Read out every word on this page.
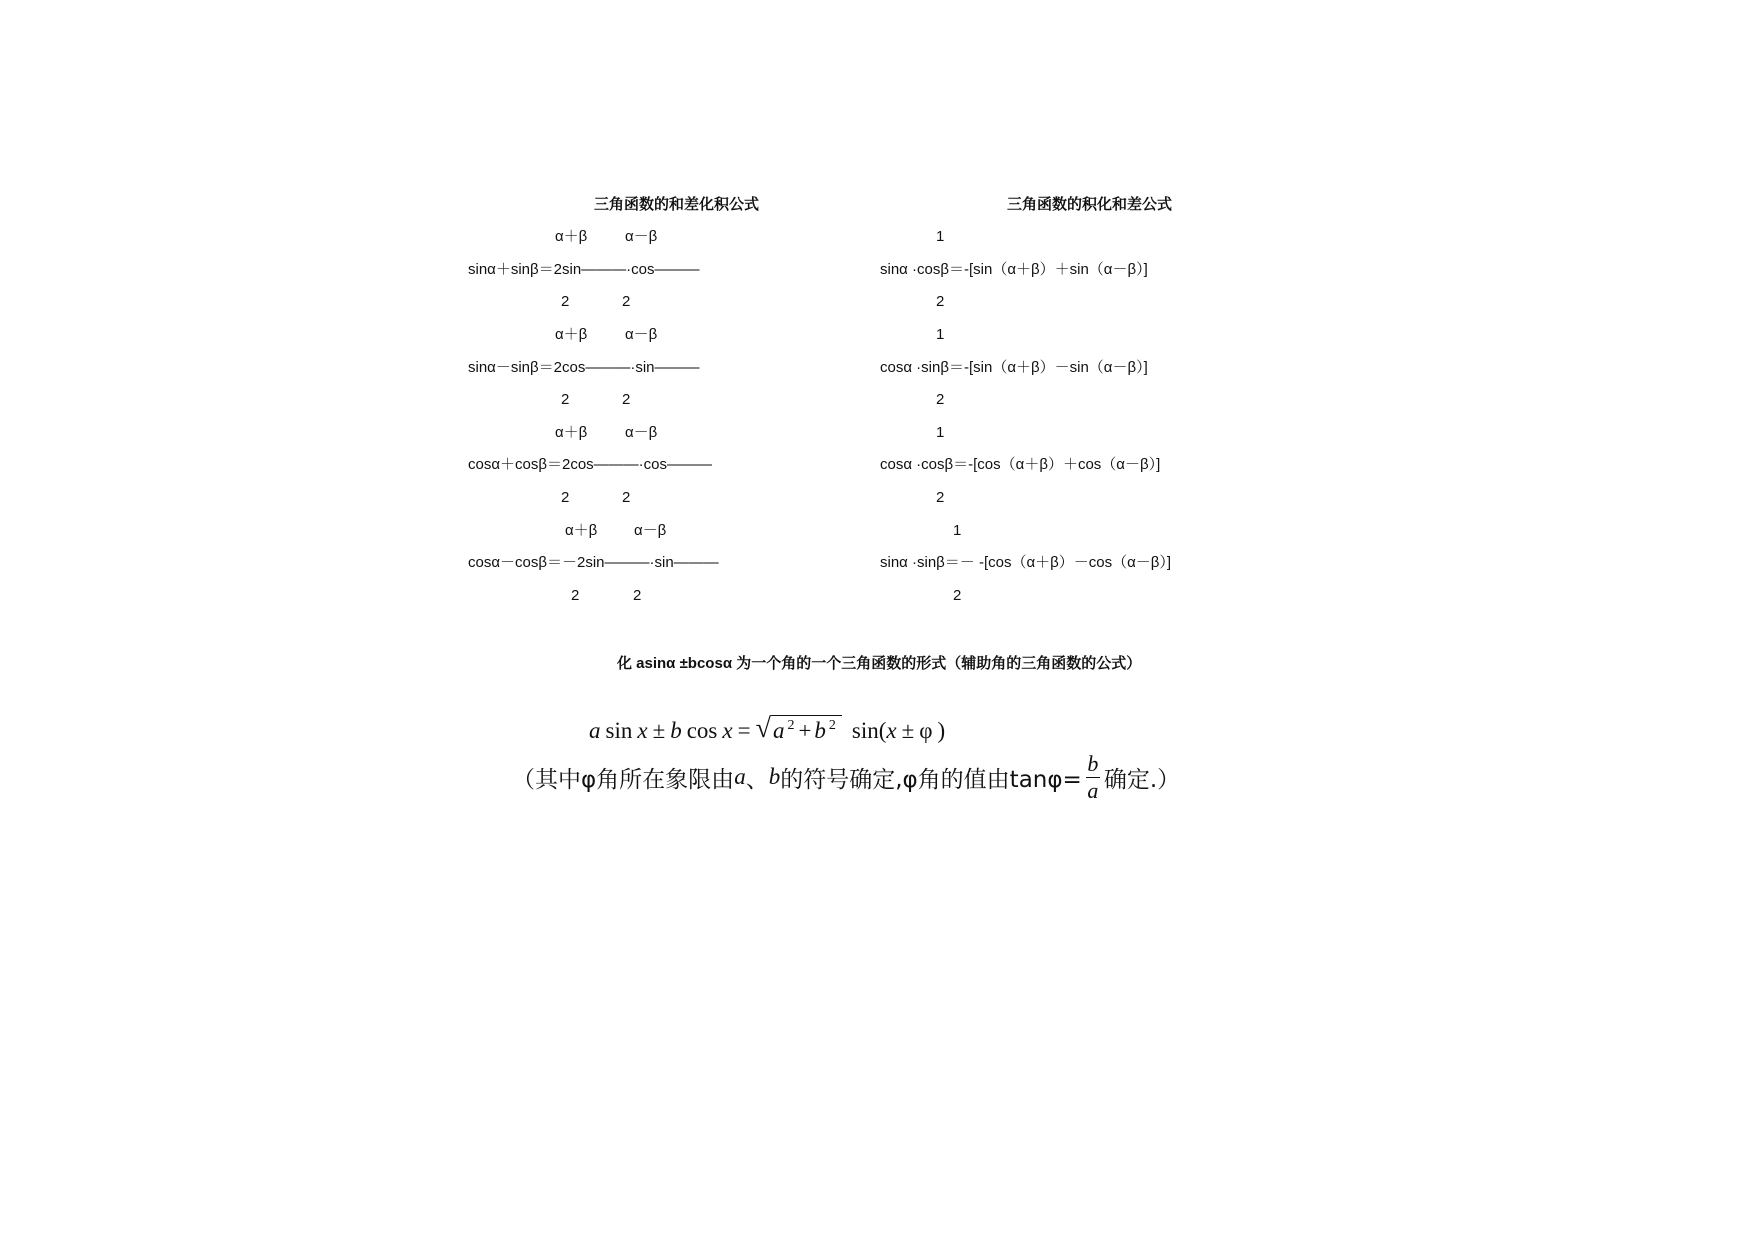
三角函数的和差化积公式
α＋β	α－β
sinα＋sinβ＝2sin———·cos———
2	2
α＋β	α－β
sinα－sinβ＝2cos———·sin———
2	2
α＋β	α－β
cosα＋cosβ＝2cos———·cos———
2	2
α＋β α－β
cosα－cosβ＝－2sin———·sin———
2	2
三角函数的积化和差公式
1
sinα ·cosβ＝-[sin（α＋β）＋sin（α－β）]
2
1
cosα ·sinβ＝-[sin（α＋β）－sin（α－β）]
2
1
cosα ·cosβ＝-[cos（α＋β）＋cos（α－β）]
2
1
sinα ·sinβ＝－ -[cos（α＋β）－cos（α－β）]
2
化 asinα ±bcosα 为一个角的一个三角函数的形式（辅助角的三角函数的公式）
a sin x ± b cos x = √ $a^2 + b^2$ sin( x ± φ )
（其中φ角所在象限由 a 、 b 的符号确定,φ角的值由$\tan\varphi= \frac{b}{a}$ 确定.）
